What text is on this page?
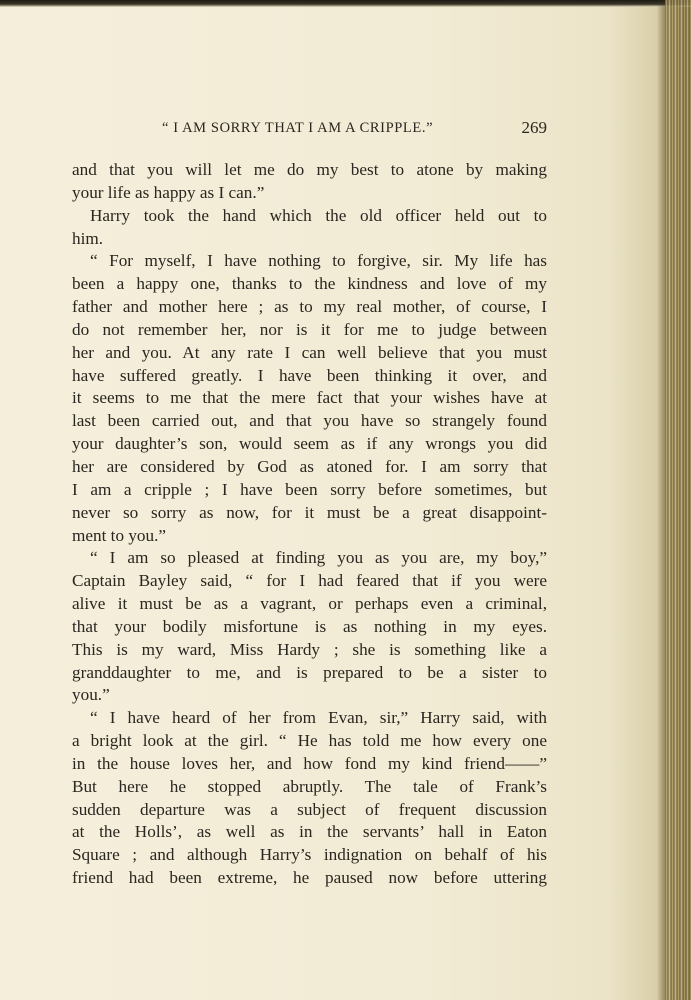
“ I AM SORRY THAT I AM A CRIPPLE.”	269
and that you will let me do my best to atone by making
your life as happy as I can.”
Harry took the hand which the old officer held out to
him.
“ For myself, I have nothing to forgive, sir. My life has
been a happy one, thanks to the kindness and love of my
father and mother here ; as to my real mother, of course, I
do not remember her, nor is it for me to judge between
her and you. At any rate I can well believe that you must
have suffered greatly. I have been thinking it over, and
it seems to me that the mere fact that your wishes have at
last been carried out, and that you have so strangely found
your daughter’s son, would seem as if any wrongs you did
her are considered by God as atoned for. I am sorry that
I am a cripple ; I have been sorry before sometimes, but
never so sorry as now, for it must be a great disappoint-
ment to you.”
“ I am so pleased at finding you as you are, my boy,”
Captain Bayley said, “ for I had feared that if you were
alive it must be as a vagrant, or perhaps even a criminal,
that your bodily misfortune is as nothing in my eyes.
This is my ward, Miss Hardy ; she is something like a
granddaughter to me, and is prepared to be a sister to
you.”
“ I have heard of her from Evan, sir,” Harry said, with
a bright look at the girl. “ He has told me how every one
in the house loves her, and how fond my kind friend——”
But here he stopped abruptly. The tale of Frank’s
sudden departure was a subject of frequent discussion
at the Holls’, as well as in the servants’ hall in Eaton
Square ; and although Harry’s indignation on behalf of his
friend had been extreme, he paused now before uttering
